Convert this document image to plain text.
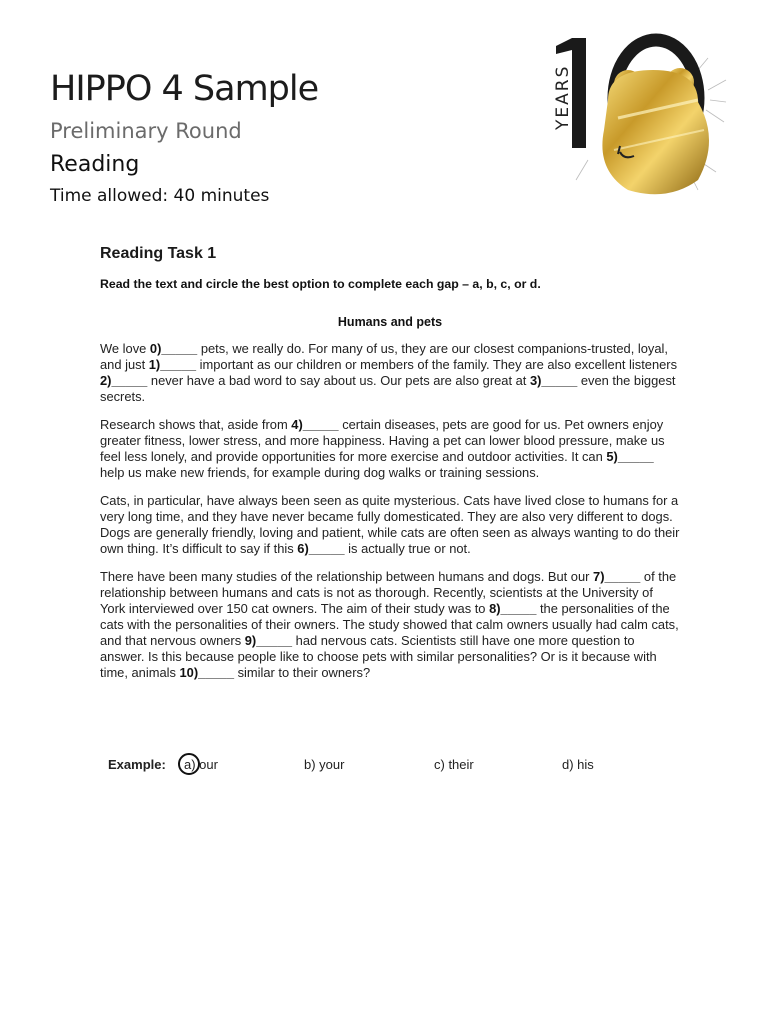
HIPPO 4 Sample
Preliminary Round
Reading
Time allowed: 40 minutes
YEARS
Reading Task 1
Read the text and circle the best option to complete each gap – a, b, c, or d.
Humans and pets

We love 0)_____ pets, we really do. For many of us, they are our closest companions-trusted, loyal, and just 1)_____ important as our children or members of the family. They are also excellent listeners 2)_____ never have a bad word to say about us. Our pets are also great at 3)_____ even the biggest secrets.

Research shows that, aside from 4)_____ certain diseases, pets are good for us. Pet owners enjoy greater fitness, lower stress, and more happiness. Having a pet can lower blood pressure, make us feel less lonely, and provide opportunities for more exercise and outdoor activities. It can 5)_____ help us make new friends, for example during dog walks or training sessions.

Cats, in particular, have always been seen as quite mysterious. Cats have lived close to humans for a very long time, and they have never became fully domesticated. They are also very different to dogs. Dogs are generally friendly, loving and patient, while cats are often seen as always wanting to do their own thing. It’s difficult to say if this 6)_____ is actually true or not.

There have been many studies of the relationship between humans and dogs. But our 7)_____ of the relationship between humans and cats is not as thorough. Recently, scientists at the University of York interviewed over 150 cat owners. The aim of their study was to 8)_____ the personalities of the cats with the personalities of their owners. The study showed that calm owners usually had calm cats, and that nervous owners 9)_____ had nervous cats. Scientists still have one more question to answer. Is this because people like to choose pets with similar personalities? Or is it because with time, animals 10)_____ similar to their owners?

Example: a) our	b) your	c) their	d) his
